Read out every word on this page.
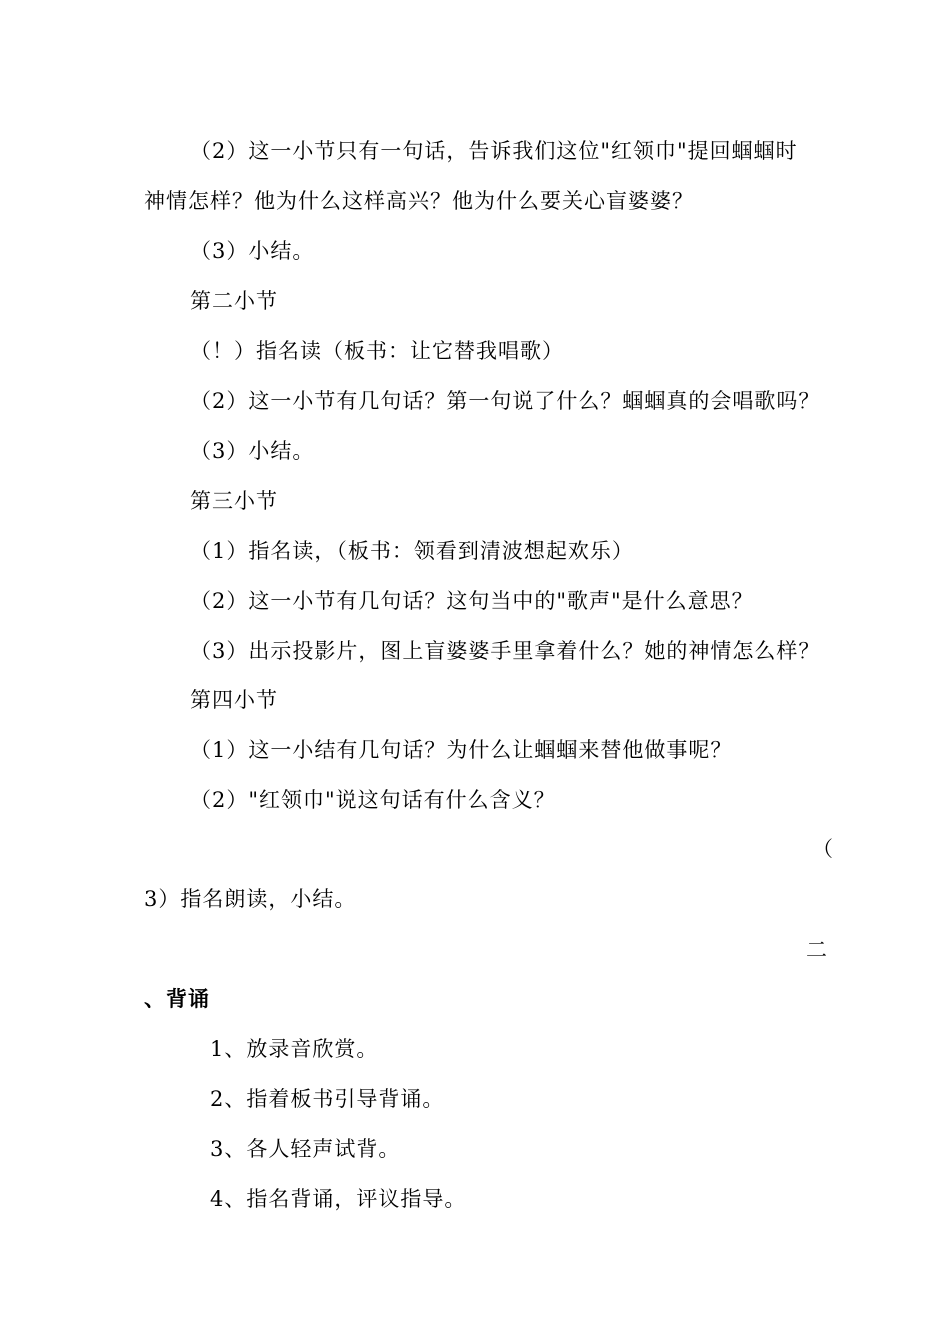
（2）这一小节只有一句话，告诉我们这位"红领巾"提回蝈蝈时
神情怎样？他为什么这样高兴？他为什么要关心盲婆婆？
（3）小结。
第二小节
（！）指名读（板书：让它替我唱歌）
（2）这一小节有几句话？第一句说了什么？蝈蝈真的会唱歌吗？
（3）小结。
第三小节
（1）指名读，（板书：领看到清波想起欢乐）
（2）这一小节有几句话？这句当中的"歌声"是什么意思？
（3）出示投影片，图上盲婆婆手里拿着什么？她的神情怎么样？
第四小节
（1）这一小结有几句话？为什么让蝈蝈来替他做事呢？
（2）"红领巾"说这句话有什么含义？
（
3）指名朗读，小结。
二
、背诵
1、放录音欣赏。
2、指着板书引导背诵。
3、各人轻声试背。
4、指名背诵，评议指导。
